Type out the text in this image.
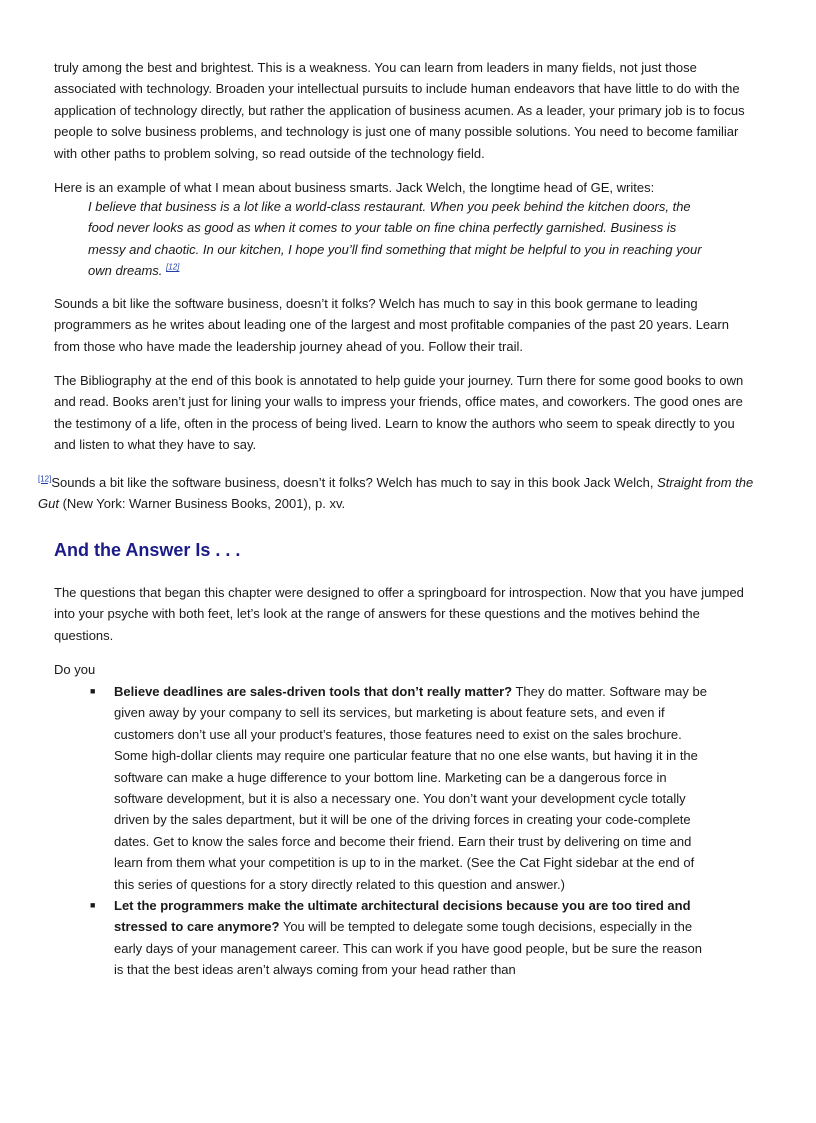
truly among the best and brightest. This is a weakness. You can learn from leaders in many fields, not just those associated with technology. Broaden your intellectual pursuits to include human endeavors that have little to do with the application of technology directly, but rather the application of business acumen. As a leader, your primary job is to focus people to solve business problems, and technology is just one of many possible solutions. You need to become familiar with other paths to problem solving, so read outside of the technology field.

Here is an example of what I mean about business smarts. Jack Welch, the longtime head of GE, writes:

I believe that business is a lot like a world-class restaurant. When you peek behind the kitchen doors, the food never looks as good as when it comes to your table on fine china perfectly garnished. Business is messy and chaotic. In our kitchen, I hope you’ll find something that might be helpful to you in reaching your own dreams. [12]

Sounds a bit like the software business, doesn’t it folks? Welch has much to say in this book germane to leading programmers as he writes about leading one of the largest and most profitable companies of the past 20 years. Learn from those who have made the leadership journey ahead of you. Follow their trail.

The Bibliography at the end of this book is annotated to help guide your journey. Turn there for some good books to own and read. Books aren’t just for lining your walls to impress your friends, office mates, and coworkers. The good ones are the testimony of a life, often in the process of being lived. Learn to know the authors who seem to speak directly to you and listen to what they have to say.

[12]Sounds a bit like the software business, doesn’t it folks? Welch has much to say in this book Jack Welch, Straight from the Gut (New York: Warner Business Books, 2001), p. xv.

And the Answer Is . . .

The questions that began this chapter were designed to offer a springboard for introspection. Now that you have jumped into your psyche with both feet, let’s look at the range of answers for these questions and the motives behind the questions.

Do you

■ Believe deadlines are sales-driven tools that don’t really matter? They do matter. Software may be given away by your company to sell its services, but marketing is about feature sets, and even if customers don’t use all your product’s features, those features need to exist on the sales brochure. Some high-dollar clients may require one particular feature that no one else wants, but having it in the software can make a huge difference to your bottom line. Marketing can be a dangerous force in software development, but it is also a necessary one. You don’t want your development cycle totally driven by the sales department, but it will be one of the driving forces in creating your code-complete dates. Get to know the sales force and become their friend. Earn their trust by delivering on time and learn from them what your competition is up to in the market. (See the Cat Fight sidebar at the end of this series of questions for a story directly related to this question and answer.)
■ Let the programmers make the ultimate architectural decisions because you are too tired and stressed to care anymore? You will be tempted to delegate some tough decisions, especially in the early days of your management career. This can work if you have good people, but be sure the reason is that the best ideas aren’t always coming from your head rather than
